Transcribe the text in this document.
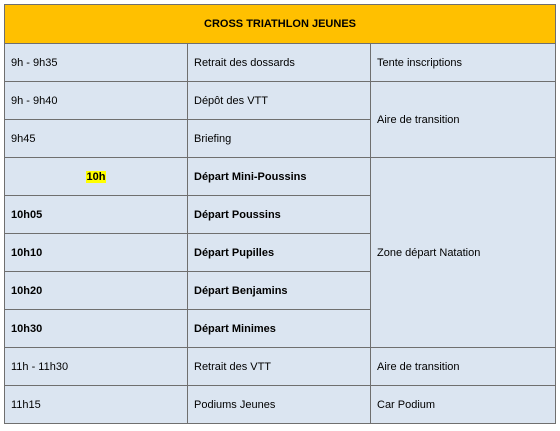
CROSS TRIATHLON JEUNES		
9h - 9h35	Retrait des dossards	Tente inscriptions
9h - 9h40	Dépôt des VTT	Aire de transition
9h45	Briefing	
10h	Départ Mini-Poussins	Zone départ Natation
10h05	Départ Poussins	
10h10	Départ Pupilles	
10h20	Départ Benjamins	
10h30	Départ Minimes	
11h - 11h30	Retrait des VTT	Aire de transition
11h15	Podiums Jeunes	Car Podium
